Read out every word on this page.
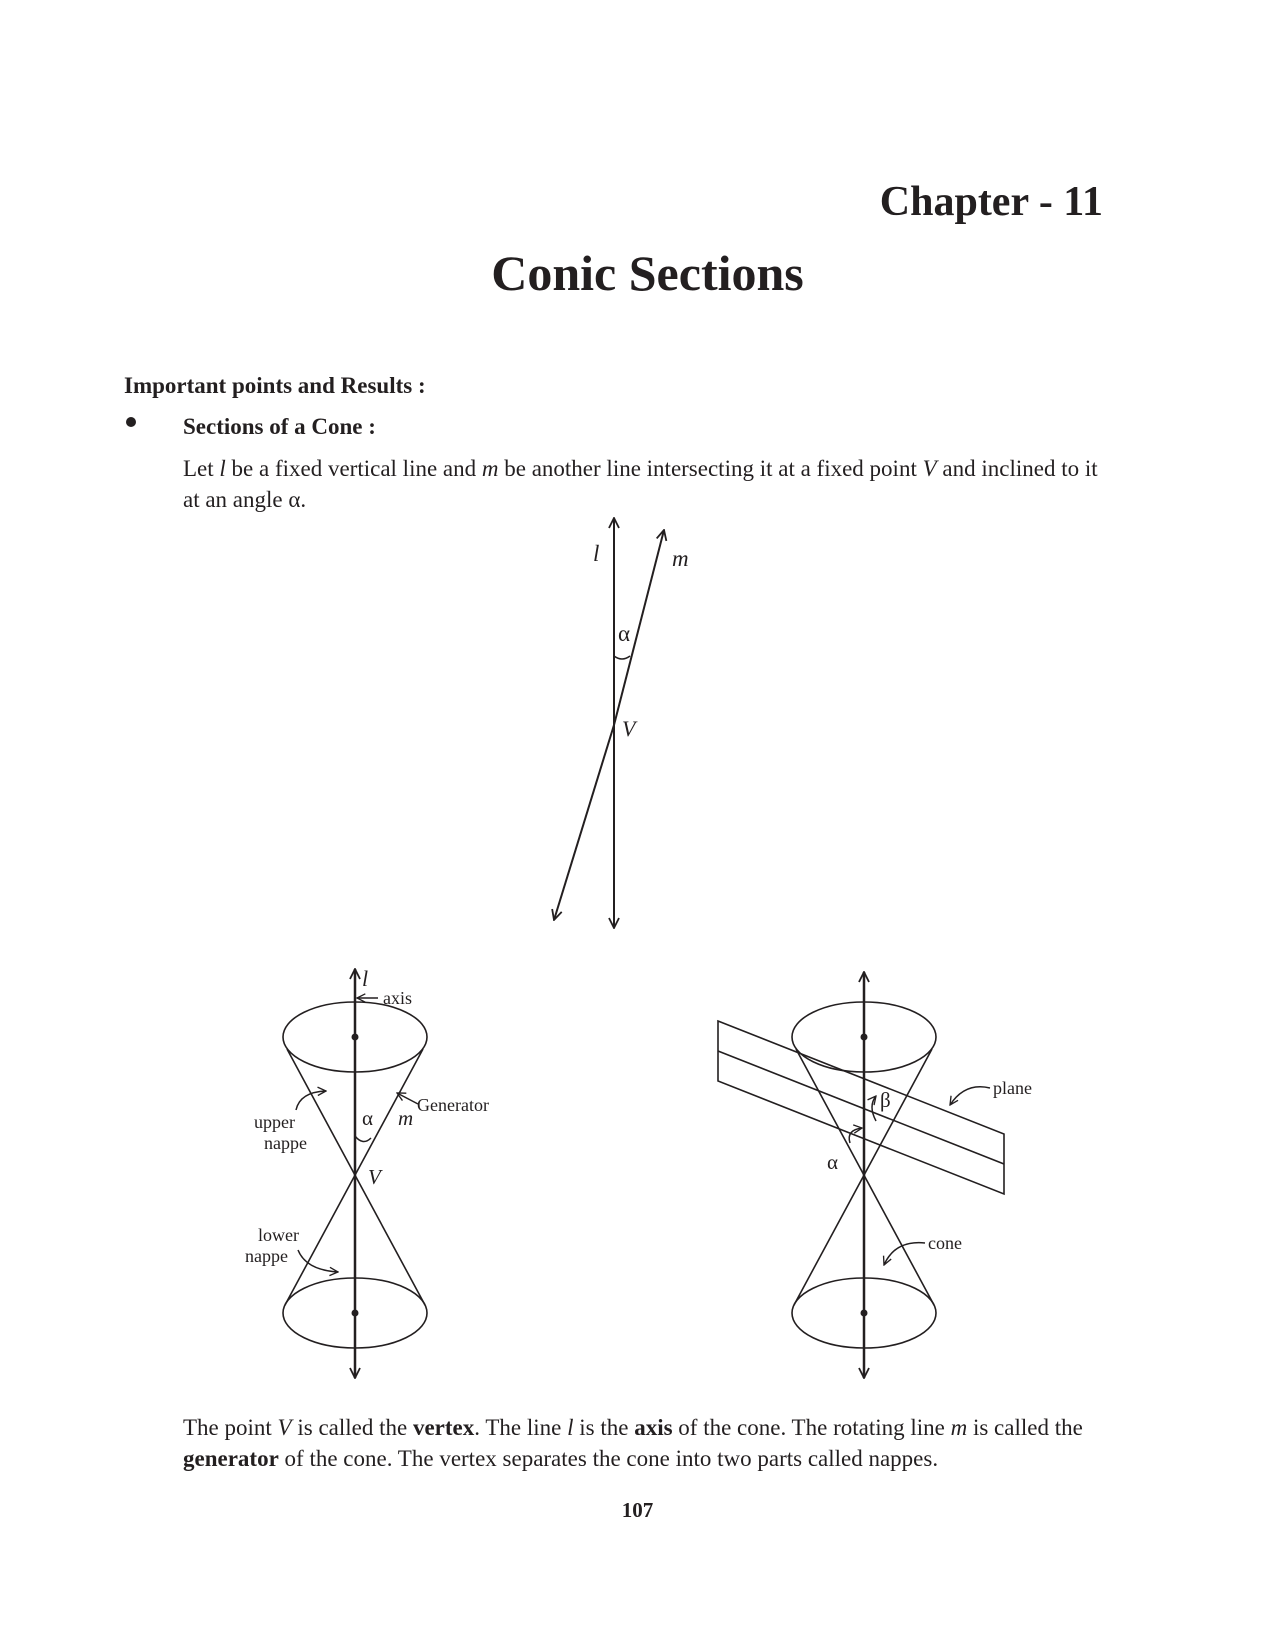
Chapter - 11
Conic Sections
Important points and Results :
Sections of a Cone :
Let l be a fixed vertical line and m be another line intersecting it at a fixed point V and inclined to it at an angle α.
l	m
α
V
l
axis
upper
nappe
α m
Generator
V
lower
nappe
β
α
plane
cone
The point V is called the vertex. The line l is the axis of the cone. The rotating line m is called the generator of the cone. The vertex separates the cone into two parts called nappes.
107
